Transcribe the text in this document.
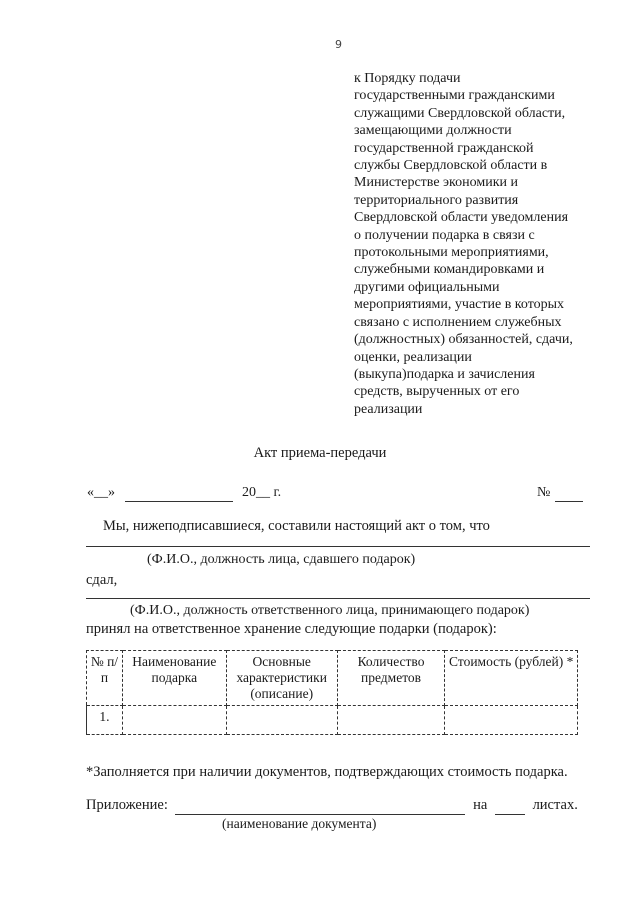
9
к Порядку подачи
государственными гражданскими
служащими Свердловской области,
замещающими должности
государственной гражданской
службы Свердловской области в
Министерстве экономики и
территориального развития
Свердловской области уведомления
о получении подарка в связи с
протокольными мероприятиями,
служебными командировками и
другими официальными
мероприятиями, участие в которых
связано с исполнением служебных
(должностных) обязанностей, сдачи,
оценки, реализации
(выкупа)подарка и зачисления
средств, вырученных от его
реализации
Акт приема-передачи
«__»	20__ г.	№
Мы, нижеподписавшиеся, составили настоящий акт о том, что
(Ф.И.О., должность лица, сдавшего подарок)
сдал,
(Ф.И.О., должность ответственного лица, принимающего подарок)
принял на ответственное хранение следующие подарки (подарок):
№ п/п	Наименование подарка	Основные характеристики (описание)	Количество предметов	Стоимость (рублей) *
1.				
*Заполняется при наличии документов, подтверждающих стоимость подарка.
Приложение:	на	листах.
(наименование документа)
